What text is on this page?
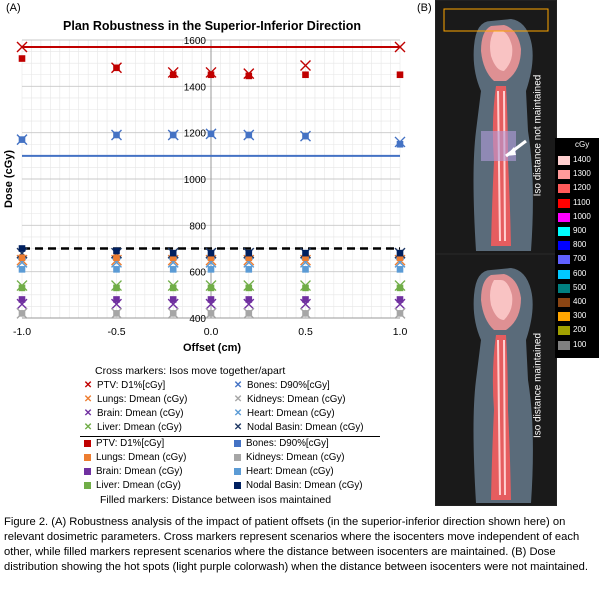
(A)	(B)
Plan Robustness in the Superior-Inferior Direction
400
600
800
1000
1200
1400
1600
-1.0	-0.5	0.0	0.5	1.0
Offset (cm)
Dose (cGy)
Cross markers: Isos move together/apart
✕ PTV: D1%[cGy]
✕ Lungs: Dmean (cGy)
✕ Brain: Dmean (cGy)
✕ Liver: Dmean (cGy)
✕ Bones: D90%[cGy]
✕ Kidneys: Dmean (cGy)
✕ Heart: Dmean (cGy)
✕ Nodal Basin: Dmean (cGy)
PTV: D1%[cGy]
Lungs: Dmean (cGy)
Brain: Dmean (cGy)
Liver: Dmean (cGy)
Bones: D90%[cGy]
Kidneys: Dmean (cGy)
Heart: Dmean (cGy)
Nodal Basin: Dmean (cGy)
Filled markers: Distance between isos maintained
Iso distance not maintained
Iso distance maintained
cGy
1400
1300
1200
1100
1000
900
800
700
600
500
400
300
200
100
Figure 2. (A) Robustness analysis of the impact of patient offsets (in the superior-inferior direction shown here) on relevant dosimetric parameters. Cross markers represent scenarios where the isocenters move independent of each other, while filled markers represent scenarios where the distance between isocenters are maintained. (B) Dose distribution showing the hot spots (light purple colorwash) when the distance between isocenters were not maintained.
